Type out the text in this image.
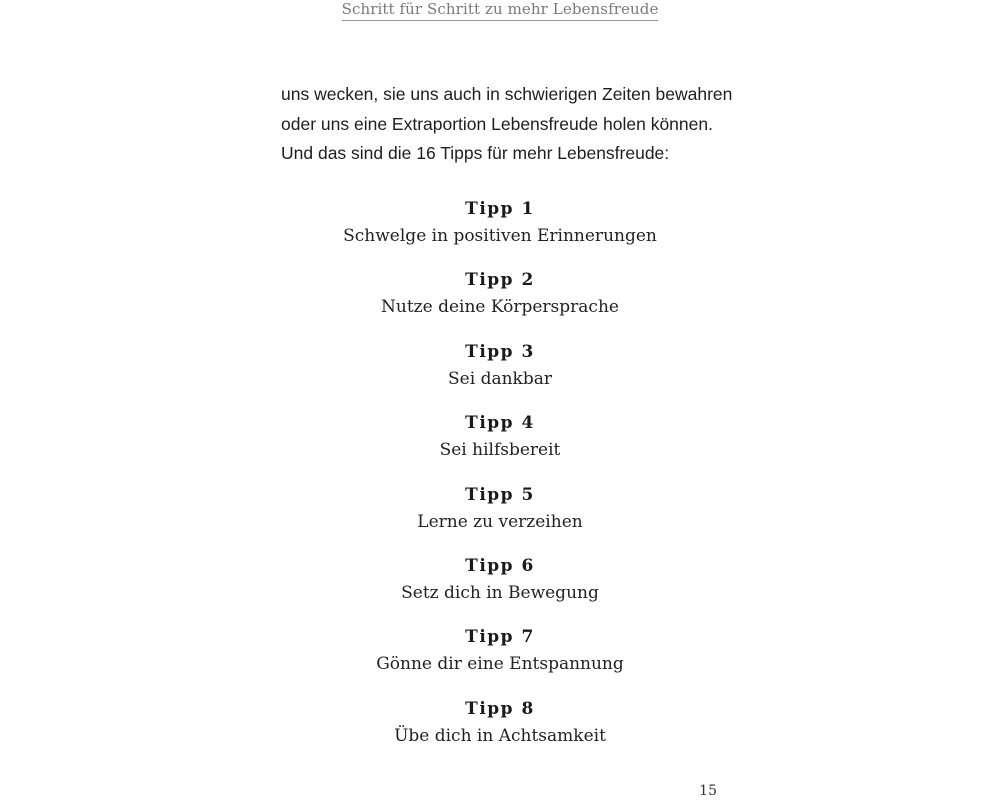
Schritt für Schritt zu mehr Lebensfreude
uns wecken, sie uns auch in schwierigen Zeiten bewahren
oder uns eine Extraportion Lebensfreude holen können.
Und das sind die 16 Tipps für mehr Lebensfreude:
Tipp 1
Schwelge in positiven Erinnerungen
Tipp 2
Nutze deine Körpersprache
Tipp 3
Sei dankbar
Tipp 4
Sei hilfsbereit
Tipp 5
Lerne zu verzeihen
Tipp 6
Setz dich in Bewegung
Tipp 7
Gönne dir eine Entspannung
Tipp 8
Übe dich in Achtsamkeit
15
